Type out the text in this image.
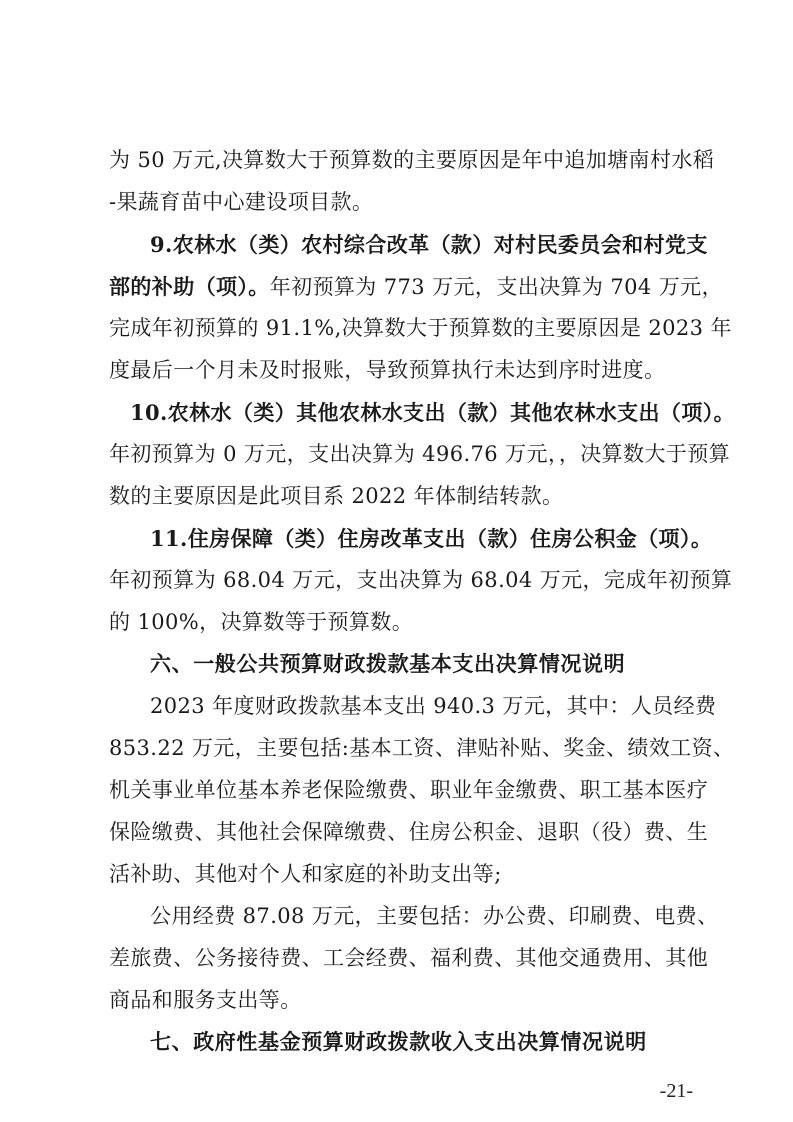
为 50 万元,决算数大于预算数的主要原因是年中追加塘南村水稻
-果蔬育苗中心建设项目款。
9.农林水（类）农村综合改革（款）对村民委员会和村党支
部的补助（项）。年初预算为 773 万元，支出决算为 704 万元，
完成年初预算的 91.1%,决算数大于预算数的主要原因是 2023 年
度最后一个月未及时报账，导致预算执行未达到序时进度。
10.农林水（类）其他农林水支出（款）其他农林水支出（项）。
年初预算为 0 万元，支出决算为 496.76 万元，，决算数大于预算
数的主要原因是此项目系 2022 年体制结转款。
11.住房保障（类）住房改革支出（款）住房公积金（项）。
年初预算为 68.04 万元，支出决算为 68.04 万元，完成年初预算
的 100%，决算数等于预算数。
六、一般公共预算财政拨款基本支出决算情况说明
2023 年度财政拨款基本支出 940.3 万元，其中：人员经费
853.22 万元，主要包括:基本工资、津贴补贴、奖金、绩效工资、
机关事业单位基本养老保险缴费、职业年金缴费、职工基本医疗
保险缴费、其他社会保障缴费、住房公积金、退职（役）费、生
活补助、其他对个人和家庭的补助支出等;
公用经费 87.08 万元，主要包括：办公费、印刷费、电费、
差旅费、公务接待费、工会经费、福利费、其他交通费用、其他
商品和服务支出等。
七、政府性基金预算财政拨款收入支出决算情况说明
-21-
